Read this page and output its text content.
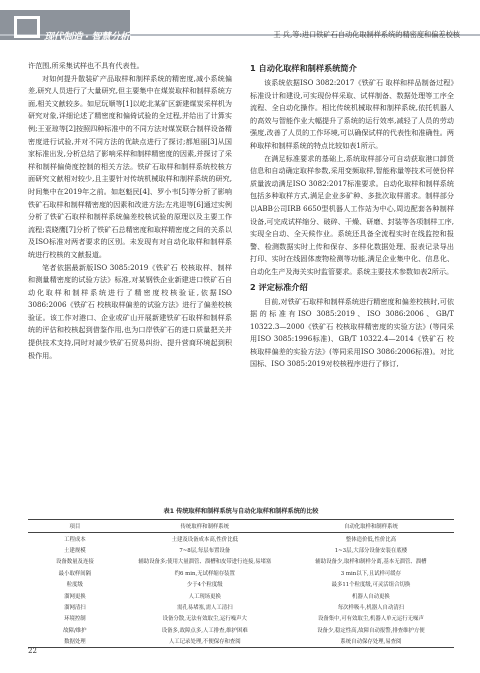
现代制造 · 智慧分析	王 兵,等:进口铁矿石自动化取制样系统的精密度和偏差校核

许范围,所采集试样也不具有代表性。

对如何提升散装矿产品取样和制样系统的精密度,减小系统偏差,研究人员进行了大量研究,但主要集中在煤炭取样和制样系统方面,相关文献较多。如尼玩顺等[1]以屹北某矿区新建煤炭采样机为研究对象,详细论述了精密度和偏倚试验的全过程,并给出了计算实例;王亚琼等[2]按照四种标准中的不同方法对煤炭联合制样设备精密度进行试验,并对不同方法的优缺点进行了探讨;都旭丽[3]从国家标准出发,分析总结了影响采样和制样精密度的因素,并探讨了采样和制样偏倚度控制的相关方法。铁矿石取样和制样系统校核方面研究文献相对较少,且主要针对传统机械取样和制样系统的研究,时间集中在2019年之前。如赵魁民[4]、罗小韦[5]等分析了影响铁矿石取样和制样精密度的因素和改进方法;左兆迎等[6]通过实例分析了铁矿石取样和制样系统偏差校核试验的原理以及主要工作流程;袁晓鹰[7]分析了铁矿石总精密度和取样精密度之间的关系以及ISO标准对两者要求的区别。未发现有对自动化取样和制样系统进行校核的文献报道。

笔者依据最新版ISO 3085:2019《铁矿石 校核取样、制样和测量精密度的试验方法》标准,对某钢铁企业新建进口铁矿石自动化取样和制样系统进行了精密度校核验证,依据ISO 3086:2006《铁矿石 校核取样偏差的试验方法》进行了偏差校核验证。该工作对港口、企业或矿山开展新建铁矿石取样和制样系统的评估和校核起到借鉴作用,也为口岸铁矿石的进口质量把关并提供技术支持,同时对减少铁矿石贸易纠纷、提升营商环境起到积极作用。

1 自动化取样和制样系统简介

该系统依据ISO 3082:2017《铁矿石 取样和样品制备过程》标准设计和建设,可实现份样采取、试样制备、数据处理等工序全流程、全自动化操作。相比传统机械取样和制样系统,依托机器人的高效与智能作业大幅提升了系统的运行效率,减轻了人员的劳动强度,改善了人员的工作环境,可以确保试样的代表性和准确性。两种取样和制样系统的特点比较如表1所示。

在满足标准要求的基础上,系统取样部分可自动获取港口卸货信息和自动确定取样参数,采用变频取样,智能称量等技术可使份样质量波动满足ISO 3082:2017标准要求。自动化取样和制样系统包括多种取样方式,满足企业多矿种、多批次取样需求。制样部分以ABB公司IRB 6650型机器人工作站为中心,周边配套各种制样设备,可完成试样缩分、破碎、干燥、研磨、封装等各项制样工序,实现全自动、全天候作业。系统还具备全流程实时在线监控和报警、检测数据实时上传和保存、多样化数据处理、报表记录导出打印、实时在线固体废物检测等功能,满足企业集中化、信息化、自动化生产及海关实时监管要求。系统主要技术参数如表2所示。

2 评定标准介绍

目前,对铁矿石取样和制样系统进行精密度和偏差校核时,可依据的标准有ISO 3085:2019、ISO 3086:2006、GB/T 10322.3—2000《铁矿石 校核取样精密度的实验方法》(等同采用ISO 3085:1996标准)、GB/T 10322.4—2014《铁矿石 校核取样偏差的实验方法》(等同采用ISO 3086:2006标准)。对比国标、ISO 3085:2019对校核程序进行了修订,

表1 传统取样和制样系统与自动化取样和制样系统的比较
项目	传统取样和制样系统	自动化取样和制样系统
工程成本	土建及设备成本高,性价比低	整体造价低,性价比高
土建规模	7~8层,每层布置设备	1~3层,大部分设备安装在底楼
设备数量及连接	辅助设备多;使用大量溜管、溜槽和皮带进行连接,易堵塞	辅助设备少,取样和制样分离,基本无溜管、溜槽
最小取样间隔	约6 min,无试样缩存装置	3 min以下,且试样可缓存
粒度级	少于4个粒度级	最多11个粒度级,可灵活组合切换
溜网更换	人工现场更换	机器人自动更换
溜网清扫	需孔易堵塞,需人工清扫	每次样吸斗,机器人自动清扫
环境控制	设备分散,无法有效取尘,运行噪声大	设备集中,可有效取尘,机器人单元运行无噪声
故障/维护	设备多,故障点多,人工排查,维护困难	设备少,稳定性高,故障自动报警,排查维护方便
数据处理	人工记录处理,不便保存和查阅	系统自动保存处理,易查阅
22
